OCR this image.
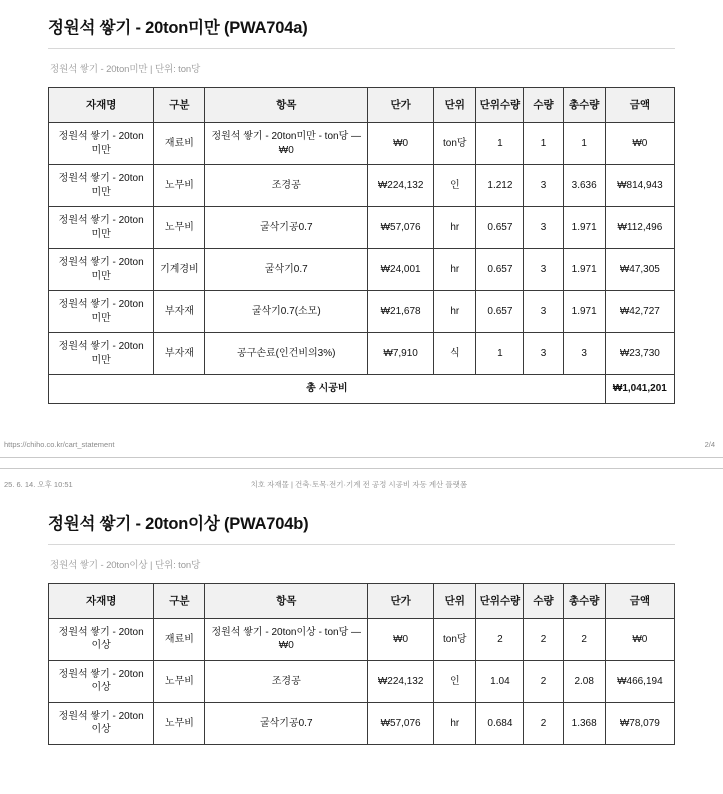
정원석 쌓기 - 20ton미만 (PWA704a)
정원석 쌓기 - 20ton미만 | 단위: ton당
자재명	구분	항목	단가	단위	단위수량	수량	총수량	금액
정원석 쌓기 - 20ton미만	재료비	정원석 쌓기 - 20ton미만 - ton당 — ₩0	₩0	ton당	1	1	1	₩0
정원석 쌓기 - 20ton미만	노무비	조경공	₩224,132	인	1.212	3	3.636	₩814,943
정원석 쌓기 - 20ton미만	노무비	굴삭기공0.7	₩57,076	hr	0.657	3	1.971	₩112,496
정원석 쌓기 - 20ton미만	기계경비	굴삭기0.7	₩24,001	hr	0.657	3	1.971	₩47,305
정원석 쌓기 - 20ton미만	부자재	굴삭기0.7(소모)	₩21,678	hr	0.657	3	1.971	₩42,727
정원석 쌓기 - 20ton미만	부자재	공구손료(인건비의3%)	₩7,910	식	1	3	3	₩23,730
총 시공비								₩1,041,201
https://chiho.co.kr/cart_statement	2/4
25. 6. 14. 오후 10:51	치호 자재몰 | 건축·토목·전기·기계 전 공정 시공비 자동 계산 플랫폼
정원석 쌓기 - 20ton이상 (PWA704b)
정원석 쌓기 - 20ton이상 | 단위: ton당
자재명	구분	항목	단가	단위	단위수량	수량	총수량	금액
정원석 쌓기 - 20ton이상	재료비	정원석 쌓기 - 20ton이상 - ton당 — ₩0	₩0	ton당	2	2	2	₩0
정원석 쌓기 - 20ton이상	노무비	조경공	₩224,132	인	1.04	2	2.08	₩466,194
정원석 쌓기 - 20ton이상	노무비	굴삭기공0.7	₩57,076	hr	0.684	2	1.368	₩78,079
